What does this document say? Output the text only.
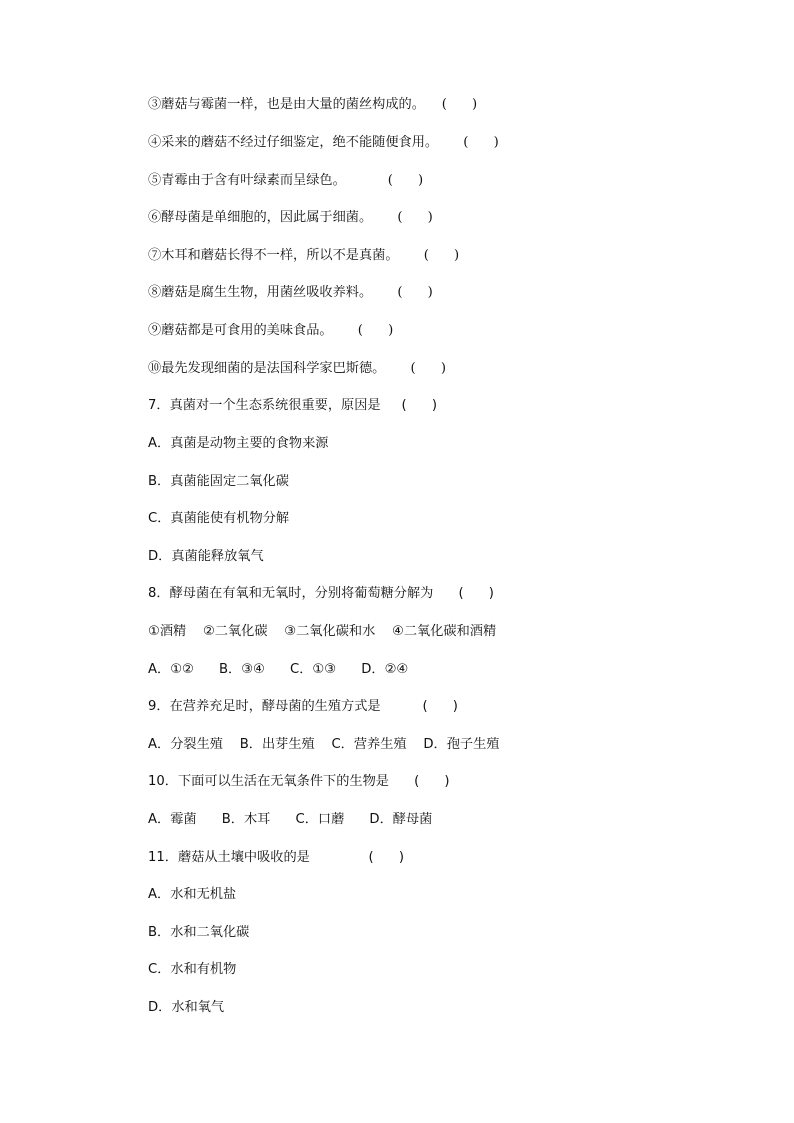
③蘑菇与霉菌一样，也是由大量的菌丝构成的。    (      )
④采来的蘑菇不经过仔细鉴定，绝不能随便食用。      (      )
⑤青霉由于含有叶绿素而呈绿色。          (      )
⑥酵母菌是单细胞的，因此属于细菌。      (      )
⑦木耳和蘑菇长得不一样，所以不是真菌。      (      )
⑧蘑菇是腐生生物，用菌丝吸收养料。      (      )
⑨蘑菇都是可食用的美味食品。      (      )
⑩最先发现细菌的是法国科学家巴斯德。      (      )
7．真菌对一个生态系统很重要，原因是     (      )
A．真菌是动物主要的食物来源
B．真菌能固定二氧化碳
C．真菌能使有机物分解
D．真菌能释放氧气
8．酵母菌在有氧和无氧时，分别将葡萄糖分解为      (      )
①酒精    ②二氧化碳    ③二氧化碳和水    ④二氧化碳和酒精
A．①②      B．③④      C．①③      D．②④
9．在营养充足时，酵母菌的生殖方式是          (      )
A．分裂生殖    B．出芽生殖    C．营养生殖    D．孢子生殖
10．下面可以生活在无氧条件下的生物是      (      )
A．霉菌      B．木耳      C．口蘑      D．酵母菌
11．蘑菇从土壤中吸收的是              (      )
A．水和无机盐
B．水和二氧化碳
C．水和有机物
D．水和氧气
